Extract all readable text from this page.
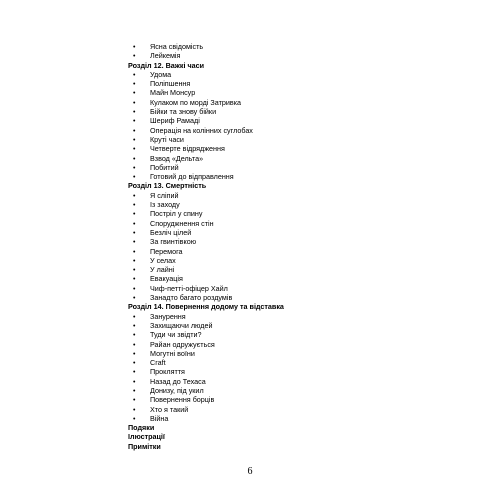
• Ясна свідомість
• Лейкемія
Розділ 12. Важкі часи
• Удома
• Поліпшення
• Майн Монсур
• Кулаком по морді Затривка
• Бійки та знову бійки
• Шериф Рамаді
• Операція на колінних суглобах
• Круті часи
• Четверте відрядження
• Взвод «Дельта»
• Побитий
• Готовий до відправлення
Розділ 13. Смертність
• Я сліпий
• Із заходу
• Постріл у спину
• Споруджнення стін
• Безліч цілей
• За гвинтівкою
• Перемога
• У селах
• У лайні
• Евакуація
• Чиф-петті-офіцер Хайл
• Занадто багато роздумів
Розділ 14. Повернення додому та відставка
• Занурення
• Захищаючи людей
• Туди чи звідти?
• Райан одружується
• Могутні воїни
• Craft
• Прокляття
• Назад до Техаса
• Донизу, під укил
• Повернення борців
• Хто я такий
• Війна
Подяки
Ілюстрації
Примітки
6
